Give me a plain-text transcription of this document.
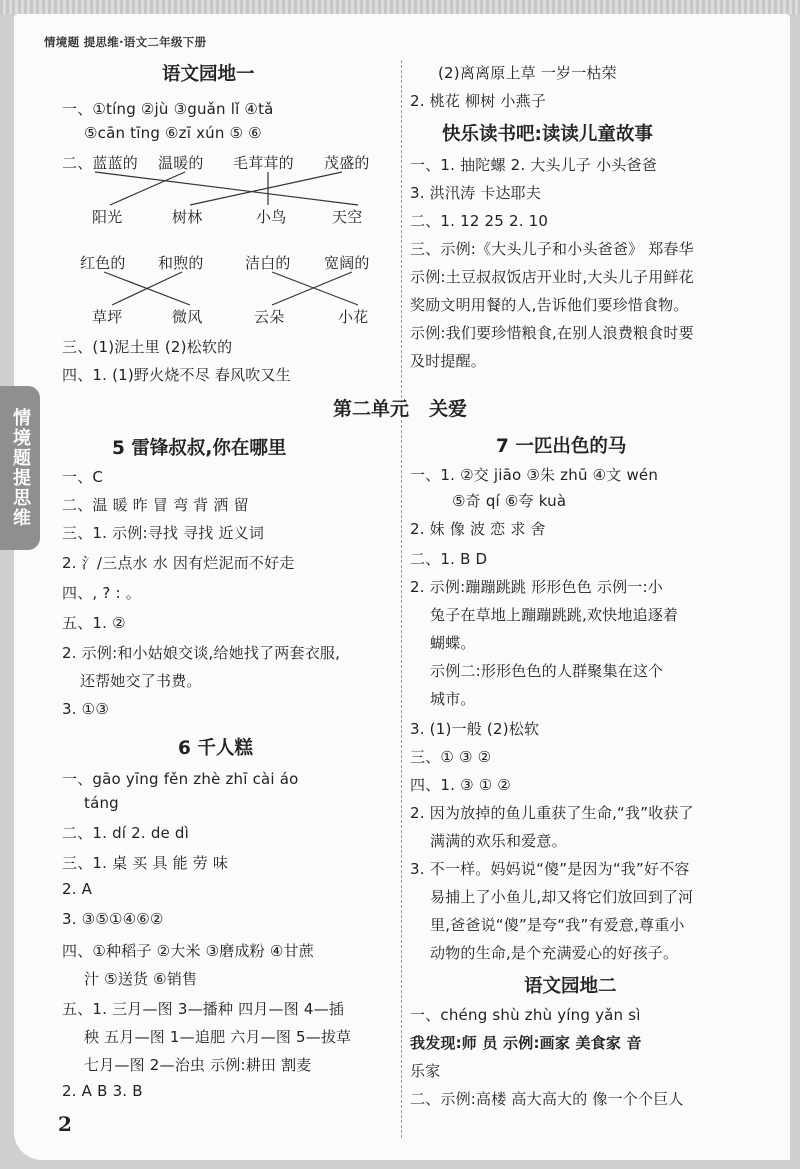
情境题 提思维·语文二年级下册
情境题提思维
2
语文园地一
一、①tíng ②jù ③guǎn lǐ ④tǎ
⑤cān tīng ⑥zī xún ⑤ ⑥
二、蓝蓝的 温暖的 毛茸茸的 茂盛的
阳光	树林	小鸟	天空
红色的 和煦的	洁白的 宽阔的
草坪	微风	云朵	小花
三、(1)泥土里 (2)松软的
四、1. (1)野火烧不尽 春风吹又生
第二单元 关爱
5 雷锋叔叔,你在哪里
一、C
二、温 暖 昨 冒 弯 背 洒 留
三、1. 示例:寻找 寻找 近义词
2. 氵/三点水 水 因有烂泥而不好走
四、, ? : 。
五、1. ②
2. 示例:和小姑娘交谈,给她找了两套衣服,
还帮她交了书费。
3. ①③
6 千人糕
一、gāo yīng fěn zhè zhī cài áo
táng
二、1. dí 2. de dì
三、1. 桌 买 具 能 劳 味
2. A
3. ③⑤①④⑥②
四、①种稻子 ②大米 ③磨成粉 ④甘蔗
汁 ⑤送货 ⑥销售
五、1. 三月—图 3—播种 四月—图 4—插
秧 五月—图 1—追肥 六月—图 5—拔草
七月—图 2—治虫 示例:耕田 割麦
2. A B 3. B
(2)离离原上草 一岁一枯荣
2. 桃花 柳树 小燕子
快乐读书吧:读读儿童故事
一、1. 抽陀螺 2. 大头儿子 小头爸爸
3. 洪汛涛 卡达耶夫
二、1. 12 25 2. 10
三、示例:《大头儿子和小头爸爸》 郑春华
示例:土豆叔叔饭店开业时,大头儿子用鲜花
奖励文明用餐的人,告诉他们要珍惜食物。
示例:我们要珍惜粮食,在别人浪费粮食时要
及时提醒。
7 一匹出色的马
一、1. ②交 jiāo ③朱 zhū ④文 wén
⑤奇 qí ⑥夸 kuà
2. 妹 像 波 恋 求 舍
二、1. B D
2. 示例:蹦蹦跳跳 形形色色 示例一:小
兔子在草地上蹦蹦跳跳,欢快地追逐着
蝴蝶。
示例二:形形色色的人群聚集在这个
城市。
3. (1)一般 (2)松软
三、① ③ ②
四、1. ③ ① ②
2. 因为放掉的鱼儿重获了生命,“我”收获了
满满的欢乐和爱意。
3. 不一样。妈妈说“傻”是因为“我”好不容
易捕上了小鱼儿,却又将它们放回到了河
里,爸爸说“傻”是夸“我”有爱意,尊重小
动物的生命,是个充满爱心的好孩子。
语文园地二
一、chéng shù zhù yíng yǎn sì
我发现:师 员 示例:画家 美食家 音
乐家
二、示例:高楼 高大高大的 像一个个巨人
